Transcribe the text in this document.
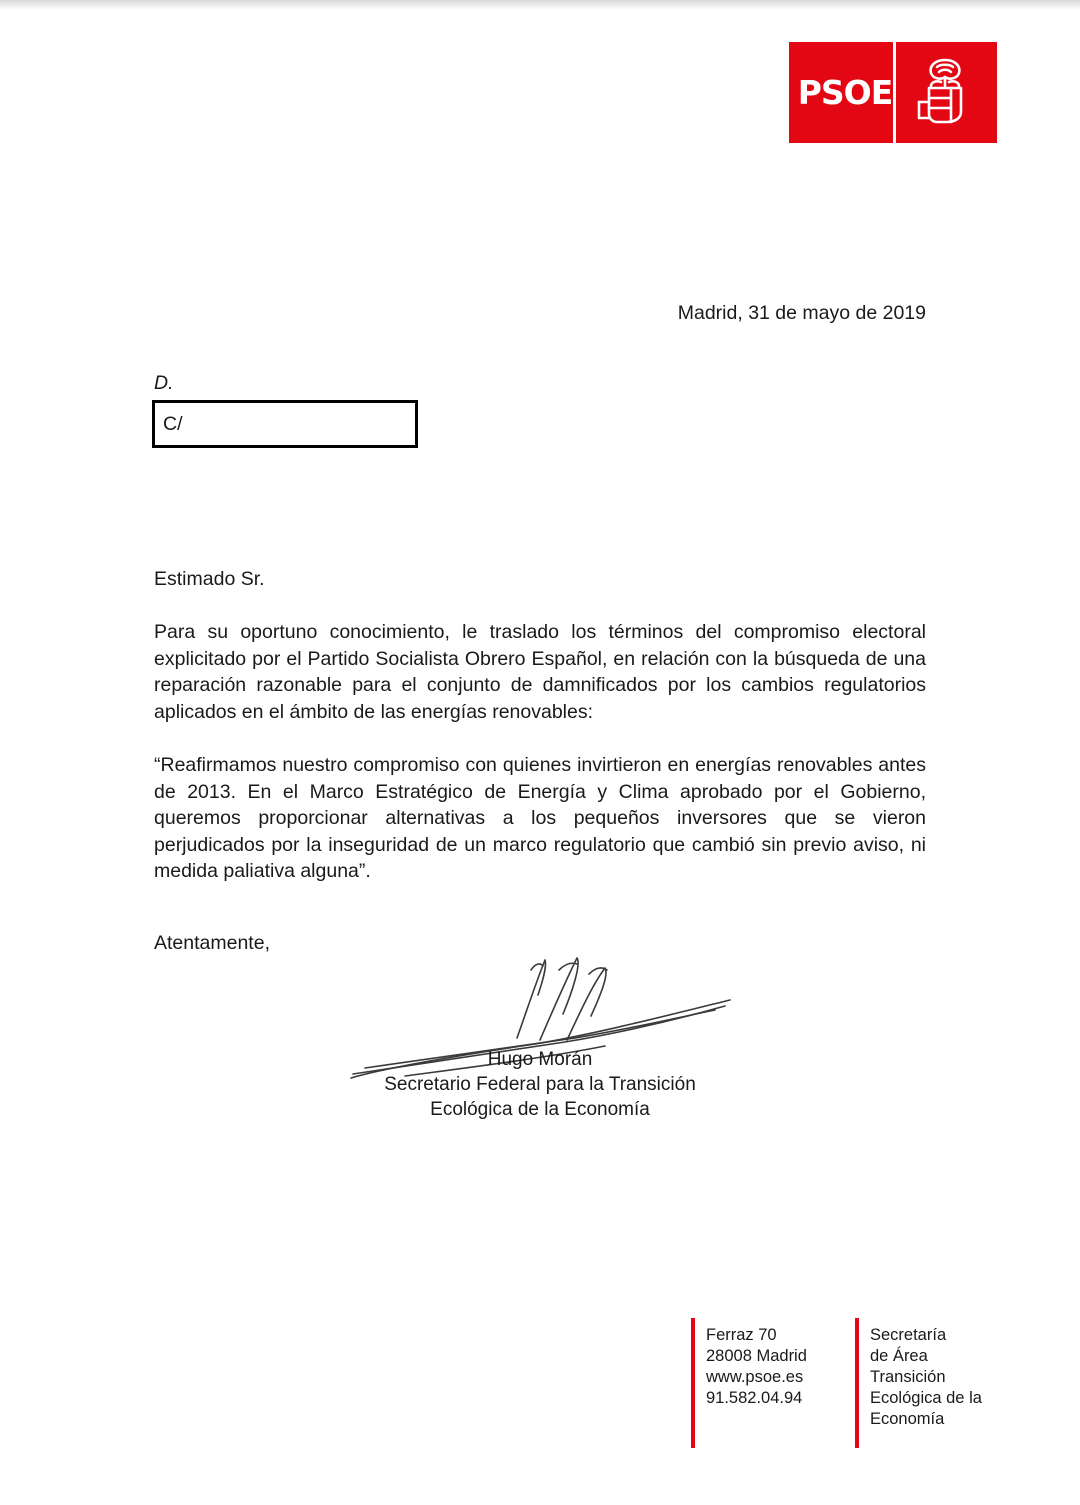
PSOE
Madrid, 31 de mayo de 2019
D.
C/
Estimado Sr.

Para su oportuno conocimiento, le traslado los términos del compromiso electoral explicitado por el Partido Socialista Obrero Español, en relación con la búsqueda de una reparación razonable para el conjunto de damnificados por los cambios regulatorios aplicados en el ámbito de las energías renovables:

“Reafirmamos nuestro compromiso con quienes invirtieron en energías renovables antes de 2013. En el Marco Estratégico de Energía y Clima aprobado por el Gobierno, queremos proporcionar alternativas a los pequeños inversores que se vieron perjudicados por la inseguridad de un marco regulatorio que cambió sin previo aviso, ni medida paliativa alguna”.

Atentamente,
Hugo Morán
Secretario Federal para la Transición
Ecológica de la Economía
Ferraz 70
28008 Madrid
www.psoe.es
91.582.04.94
Secretaría
de Área
Transición
Ecológica de la
Economía
